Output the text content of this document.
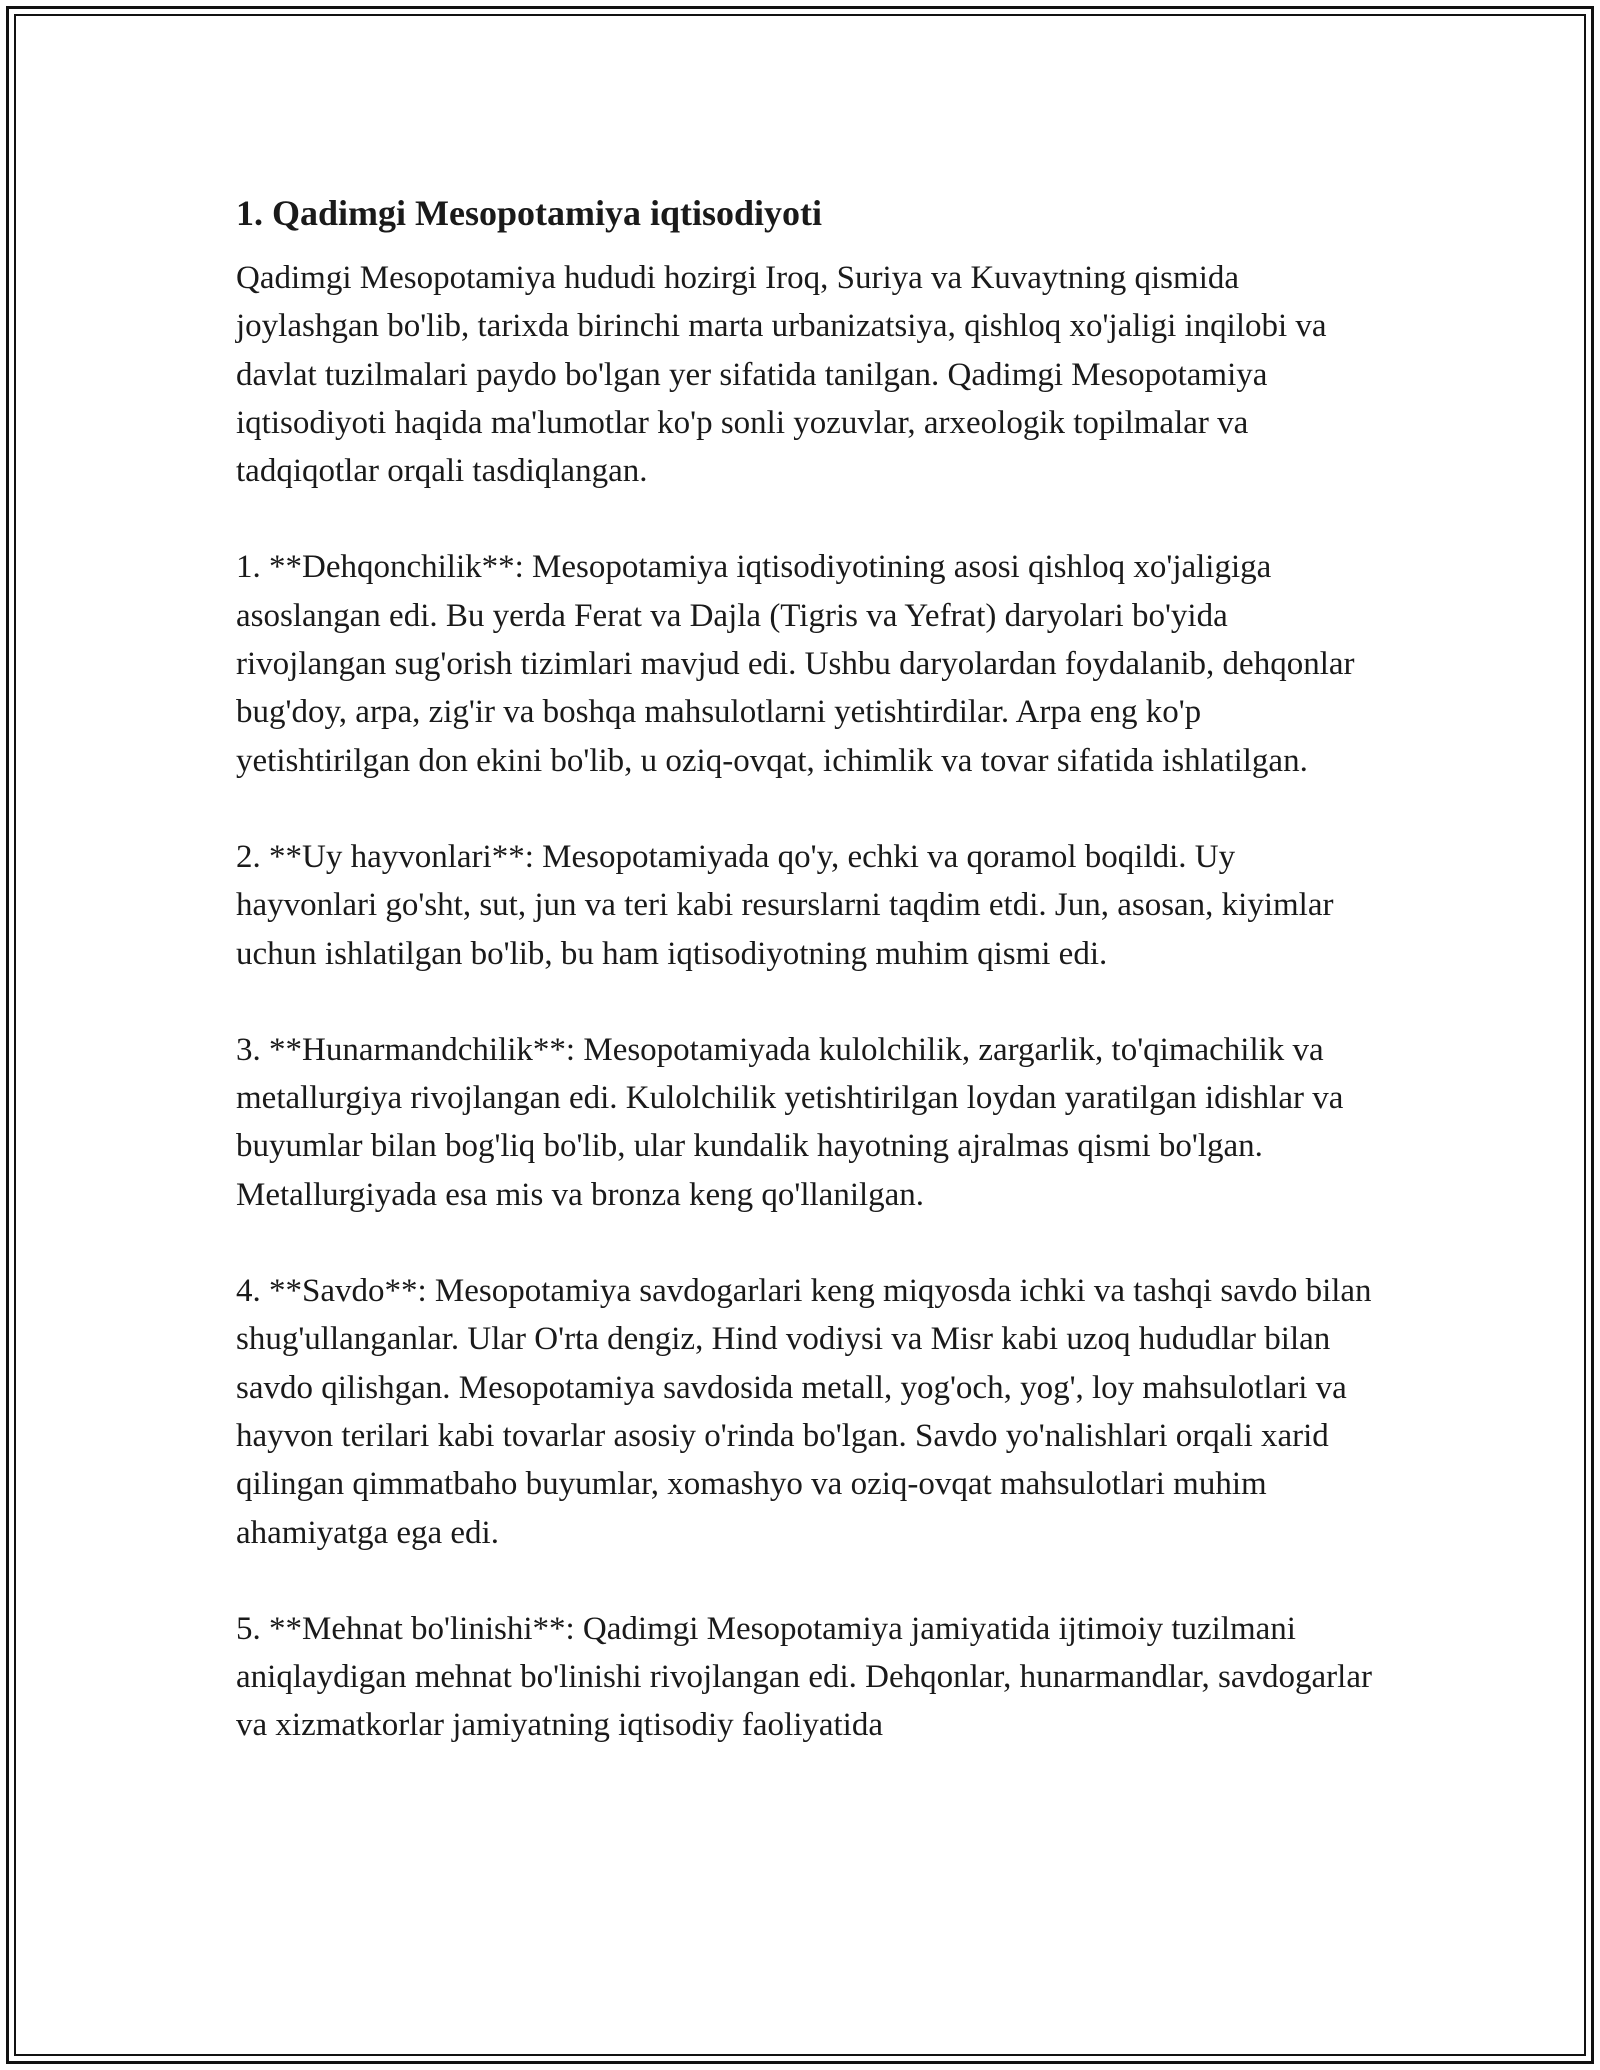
1. Qadimgi Mesopotamiya iqtisodiyoti

Qadimgi Mesopotamiya hududi hozirgi Iroq, Suriya va Kuvaytning qismida joylashgan bo'lib, tarixda birinchi marta urbanizatsiya, qishloq xo'jaligi inqilobi va davlat tuzilmalari paydo bo'lgan yer sifatida tanilgan. Qadimgi Mesopotamiya iqtisodiyoti haqida ma'lumotlar ko'p sonli yozuvlar, arxeologik topilmalar va tadqiqotlar orqali tasdiqlangan.

1. **Dehqonchilik**: Mesopotamiya iqtisodiyotining asosi qishloq xo'jaligiga asoslangan edi. Bu yerda Ferat va Dajla (Tigris va Yefrat) daryolari bo'yida rivojlangan sug'orish tizimlari mavjud edi. Ushbu daryolardan foydalanib, dehqonlar bug'doy, arpa, zig'ir va boshqa mahsulotlarni yetishtirdilar. Arpa eng ko'p yetishtirilgan don ekini bo'lib, u oziq-ovqat, ichimlik va tovar sifatida ishlatilgan.

2. **Uy hayvonlari**: Mesopotamiyada qo'y, echki va qoramol boqildi. Uy hayvonlari go'sht, sut, jun va teri kabi resurslarni taqdim etdi. Jun, asosan, kiyimlar uchun ishlatilgan bo'lib, bu ham iqtisodiyotning muhim qismi edi.

3. **Hunarmandchilik**: Mesopotamiyada kulolchilik, zargarlik, to'qimachilik va metallurgiya rivojlangan edi. Kulolchilik yetishtirilgan loydan yaratilgan idishlar va buyumlar bilan bog'liq bo'lib, ular kundalik hayotning ajralmas qismi bo'lgan. Metallurgiyada esa mis va bronza keng qo'llanilgan.

4. **Savdo**: Mesopotamiya savdogarlari keng miqyosda ichki va tashqi savdo bilan shug'ullanganlar. Ular O'rta dengiz, Hind vodiysi va Misr kabi uzoq hududlar bilan savdo qilishgan. Mesopotamiya savdosida metall, yog'och, yog', loy mahsulotlari va hayvon terilari kabi tovarlar asosiy o'rinda bo'lgan. Savdo yo'nalishlari orqali xarid qilingan qimmatbaho buyumlar, xomashyo va oziq-ovqat mahsulotlari muhim ahamiyatga ega edi.

5. **Mehnat bo'linishi**: Qadimgi Mesopotamiya jamiyatida ijtimoiy tuzilmani aniqlaydigan mehnat bo'linishi rivojlangan edi. Dehqonlar, hunarmandlar, savdogarlar va xizmatkorlar jamiyatning iqtisodiy faoliyatida
